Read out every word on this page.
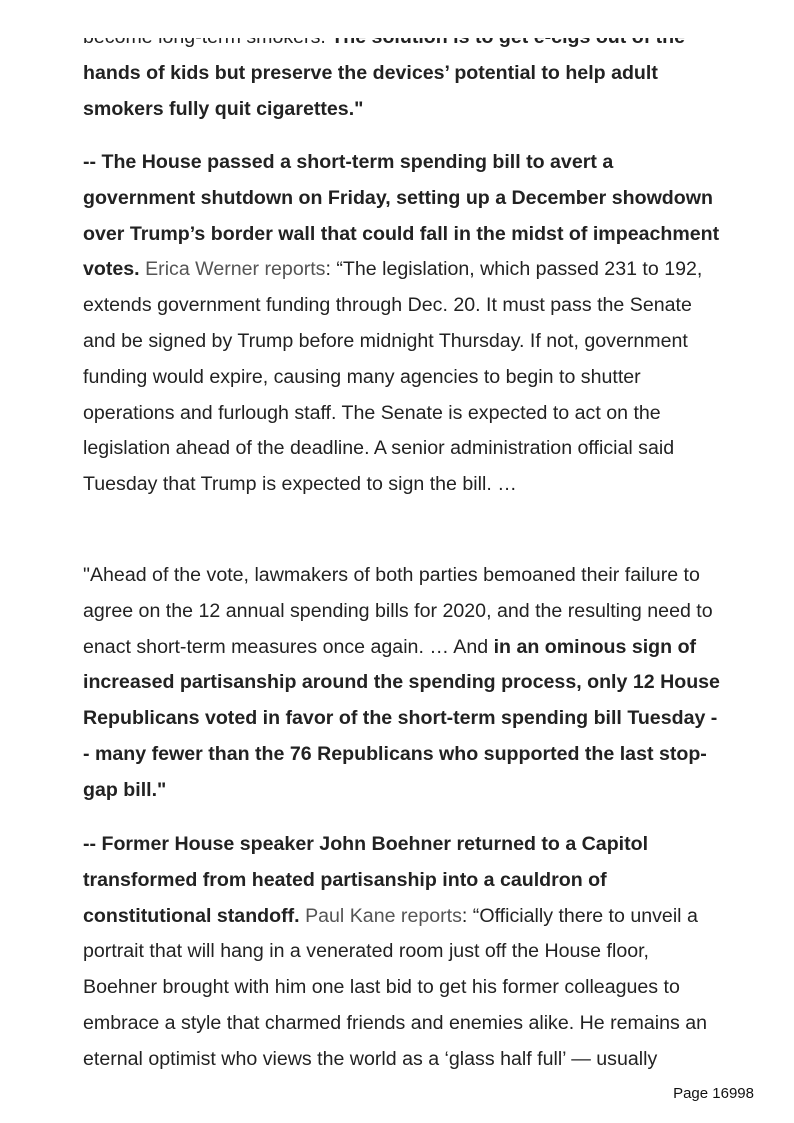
hands of kids but preserve the devices’ potential to help adult smokers fully quit cigarettes."

-- The House passed a short-term spending bill to avert a government shutdown on Friday, setting up a December showdown over Trump’s border wall that could fall in the midst of impeachment votes. Erica Werner reports: “The legislation, which passed 231 to 192, extends government funding through Dec. 20. It must pass the Senate and be signed by Trump before midnight Thursday. If not, government funding would expire, causing many agencies to begin to shutter operations and furlough staff. The Senate is expected to act on the legislation ahead of the deadline. A senior administration official said Tuesday that Trump is expected to sign the bill. …

"Ahead of the vote, lawmakers of both parties bemoaned their failure to agree on the 12 annual spending bills for 2020, and the resulting need to enact short-term measures once again. … And in an ominous sign of increased partisanship around the spending process, only 12 House Republicans voted in favor of the short-term spending bill Tuesday -- many fewer than the 76 Republicans who supported the last stop-gap bill."

-- Former House speaker John Boehner returned to a Capitol transformed from heated partisanship into a cauldron of constitutional standoff. Paul Kane reports: “Officially there to unveil a portrait that will hang in a venerated room just off the House floor, Boehner brought with him one last bid to get his former colleagues to embrace a style that charmed friends and enemies alike. He remains an eternal optimist who views the world as a ‘glass half full’ — usually

Page 16998
